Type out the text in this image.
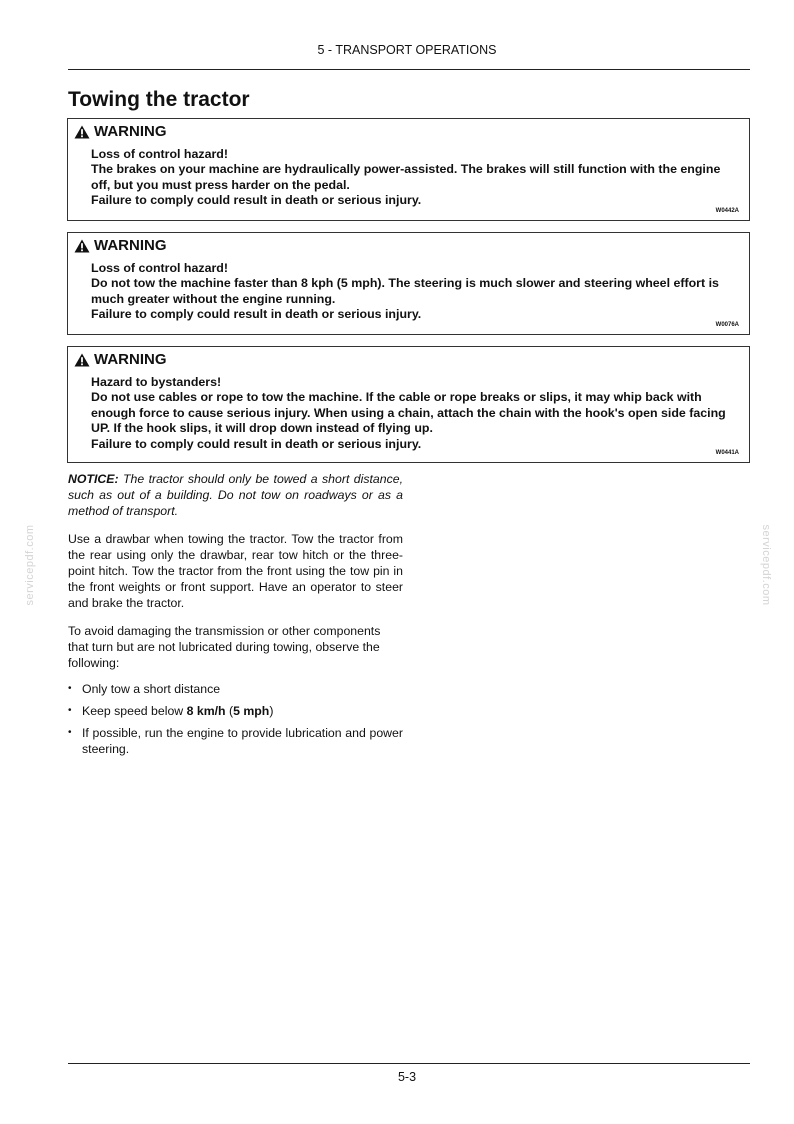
5 - TRANSPORT OPERATIONS
Towing the tractor
WARNING

Loss of control hazard!

The brakes on your machine are hydraulically power-assisted. The brakes will still function with the engine off, but you must press harder on the pedal.

Failure to comply could result in death or serious injury.

W0442A
WARNING

Loss of control hazard!

Do not tow the machine faster than 8 kph (5 mph). The steering is much slower and steering wheel effort is much greater without the engine running.

Failure to comply could result in death or serious injury.

W0076A
WARNING

Hazard to bystanders!

Do not use cables or rope to tow the machine. If the cable or rope breaks or slips, it may whip back with enough force to cause serious injury. When using a chain, attach the chain with the hook's open side facing UP. If the hook slips, it will drop down instead of flying up.

Failure to comply could result in death or serious injury.

W0441A

NOTICE: The tractor should only be towed a short distance, such as out of a building. Do not tow on roadways or as a method of transport.

Use a drawbar when towing the tractor. Tow the tractor from the rear using only the drawbar, rear tow hitch or the three-point hitch. Tow the tractor from the front using the tow pin in the front weights or front support. Have an operator to steer and brake the tractor.

To avoid damaging the transmission or other components that turn but are not lubricated during towing, observe the following:

• Only tow a short distance
• Keep speed below 8 km/h (5 mph)
• If possible, run the engine to provide lubrication and power steering.
servicepdf.com	servicepdf.com
5-3
